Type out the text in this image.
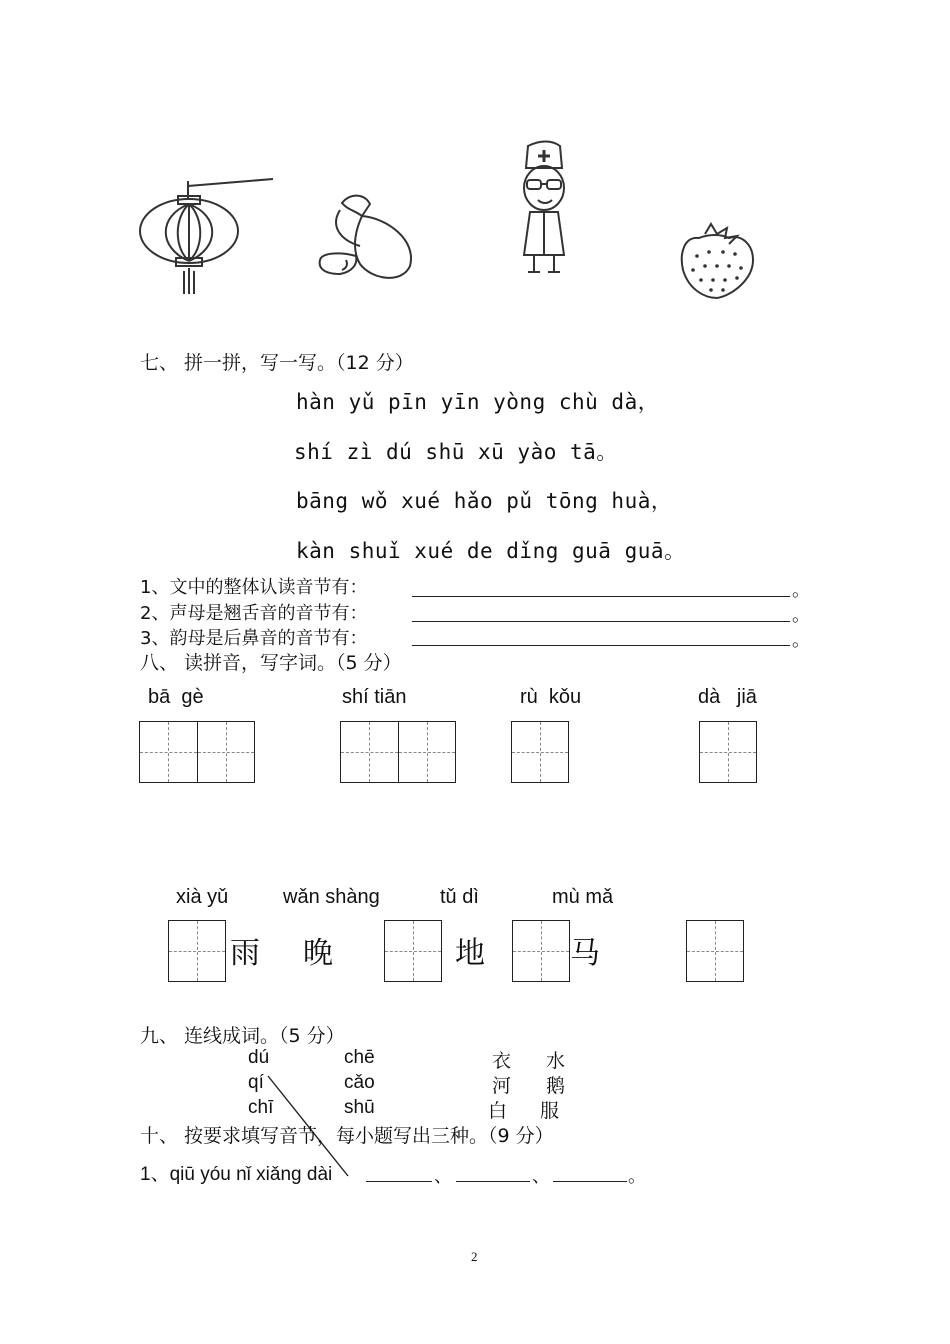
七、 拼一拼，写一写。（12 分）
hàn yǔ pīn yīn yòng chù dà，
shí zì dú shū xū yào tā。
bāng wǒ xué hǎo pǔ tōng huà，
kàn shuǐ xué de dǐng guā guā。
1、文中的整体认读音节有：	。
2、声母是翘舌音的音节有：	。
3、韵母是后鼻音的音节有：	。
八、 读拼音，写字词。（5 分）
bā  gè	shí tiān	rù  kǒu	dà   jiā
xià yǔ	wǎn shàng	tǔ dì	mù mǎ
雨 晚	地	马
九、 连线成词。（5 分）
dú	chē
qí	cǎo
chī	shū
衣 水
河 鹅
白 服
十、 按要求填写音节，每小题写出三种。（9 分）
1、qiū yóu nǐ xiǎng dài	、	、	。
2
